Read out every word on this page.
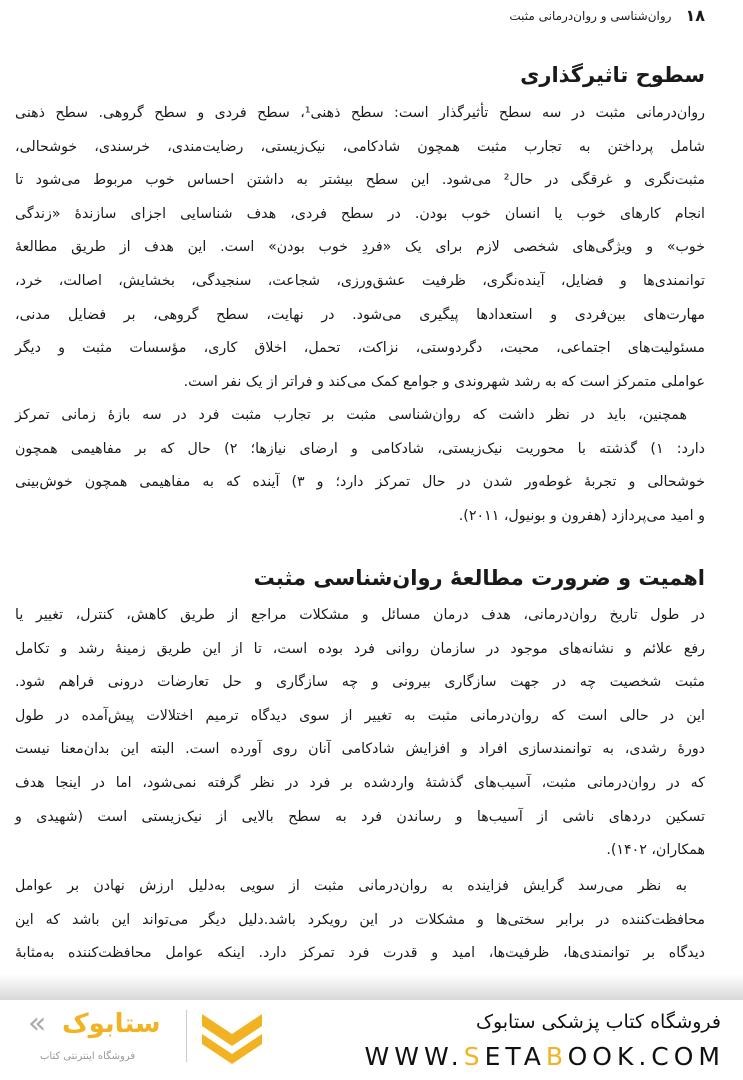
۱۸
روان‌شناسی و روان‌درمانی مثبت
سطوح تاثیرگذاری
روان‌درمانی مثبت در سه سطح تأثیرگذار است: سطح ذهنی¹، سطح فردی و سطح گروهی. سطح ذهنی
شامل پرداختن به تجارب مثبت همچون شادکامی، نیک‌زیستی، رضایت‌مندی، خرسندی، خوشحالی،
مثبت‌نگری و غرقگی در حال² می‌شود. این سطح بیشتر به داشتن احساس خوب مربوط می‌شود تا
انجام کارهای خوب یا انسان خوب بودن. در سطح فردی، هدف شناسایی اجزای سازندهٔ «زندگی
خوب» و ویژگی‌های شخصی لازم برای یک «فردِ خوب بودن» است. این هدف از طریق مطالعهٔ
توانمندی‌ها و فضایل، آینده‌نگری، ظرفیت عشق‌ورزی، شجاعت، سنجیدگی، بخشایش، اصالت، خرد،
مهارت‌های بین‌فردی و استعدادها پیگیری می‌شود. در نهایت، سطح گروهی، بر فضایل مدنی،
مسئولیت‌های اجتماعی، محبت، دگردوستی، نزاکت، تحمل، اخلاق کاری، مؤسسات مثبت و دیگر
عواملی متمرکز است که به رشد شهروندی و جوامع کمک می‌کند و فراتر از یک نفر است.
همچنین، باید در نظر داشت که روان‌شناسی مثبت بر تجارب مثبت فرد در سه بازهٔ زمانی تمرکز
دارد: ۱) گذشته با محوریت نیک‌زیستی، شادکامی و ارضای نیازها؛ ۲) حال که بر مفاهیمی همچون
خوشحالی و تجربهٔ غوطه‌ور شدن در حال تمرکز دارد؛ و ۳) آینده که به مفاهیمی همچون خوش‌بینی
و امید می‌پردازد (هفرون و بونیول، ۲۰۱۱).
اهمیت و ضرورت مطالعهٔ روان‌شناسی مثبت
در طول تاریخ روان‌درمانی، هدف درمان مسائل و مشکلات مراجع از طریق کاهش، کنترل، تغییر یا
رفع علائم و نشانه‌های موجود در سازمان روانی فرد بوده است، تا از این طریق زمینهٔ رشد و تکامل
مثبت شخصیت چه در جهت سازگاری بیرونی و چه سازگاری و حل تعارضات درونی فراهم شود.
این در حالی است که روان‌درمانی مثبت به تغییر از سوی دیدگاه ترمیم اختلالات پیش‌آمده در طول
دورهٔ رشدی، به توانمندسازی افراد و افزایش شادکامی آنان روی آورده است. البته این بدان‌معنا نیست
که در روان‌درمانی مثبت، آسیب‌های گذشتهٔ واردشده بر فرد در نظر گرفته نمی‌شود، اما در اینجا هدف
تسکین دردهای ناشی از آسیب‌ها و رساندن فرد به سطح بالایی از نیک‌زیستی است (شهیدی و
همکاران، ۱۴۰۲).
به نظر می‌رسد گرایش فزاینده به روان‌درمانی مثبت از سویی به‌دلیل ارزش نهادن بر عوامل
محافظت‌کننده در برابر سختی‌ها و مشکلات در این رویکرد باشد.دلیل دیگر می‌تواند این باشد که این
دیدگاه بر توانمندی‌ها، ظرفیت‌ها، امید و قدرت فرد تمرکز دارد. اینکه عوامل محافظت‌کننده به‌مثابهٔ
« ستابوک
فروشگاه اینترنتی کتاب
فروشگاه کتاب پزشکی ستابوک
WWW.SETABOOK.COM
